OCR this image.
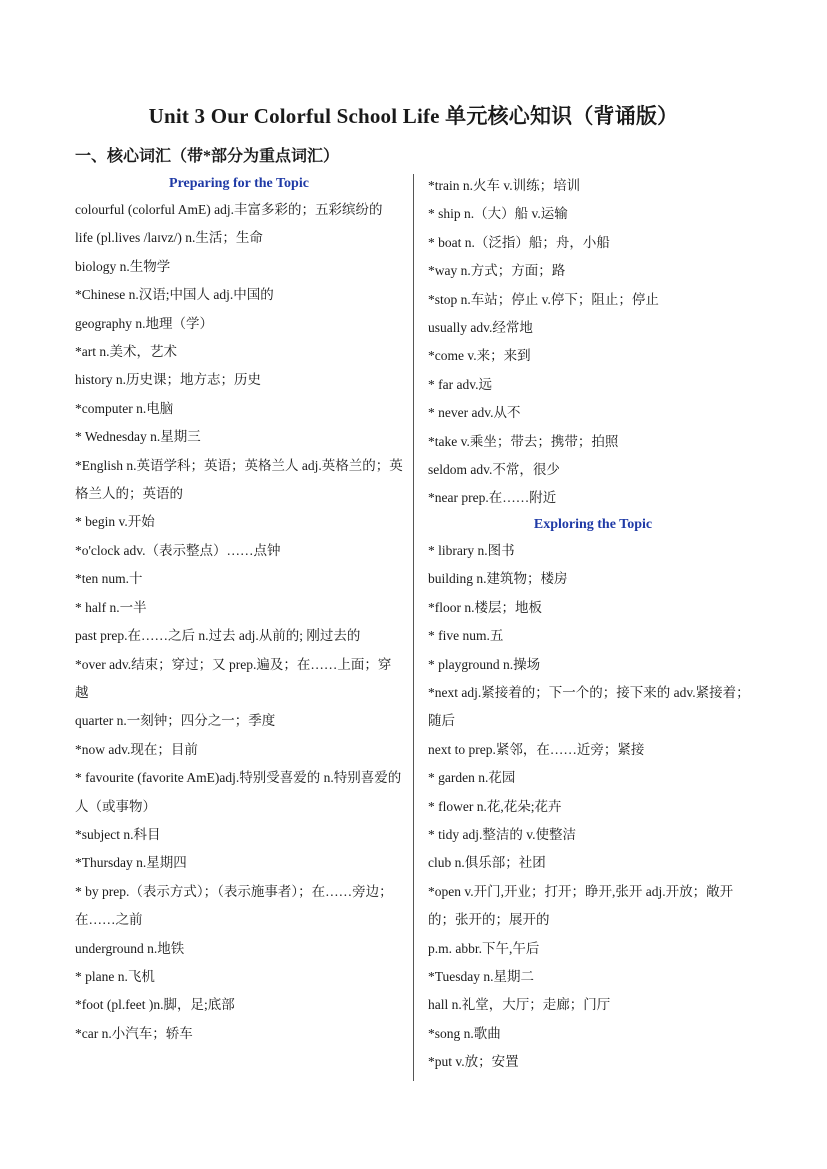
Unit 3 Our Colorful School Life 单元核心知识（背诵版）
一、核心词汇（带*部分为重点词汇）
Preparing for the Topic

colourful (colorful AmE) adj.丰富多彩的；五彩缤纷的

life (pl.lives /laɪvz/) n.生活；生命

biology n.生物学

*Chinese n.汉语;中国人 adj.中国的

geography n.地理（学）

*art n.美术，艺术

history n.历史课；地方志；历史

*computer n.电脑

* Wednesday n.星期三

*English n.英语学科；英语；英格兰人 adj.英格兰的；英格兰人的；英语的

* begin v.开始

*o'clock adv.（表示整点）……点钟

*ten num.十

* half n.一半

past prep.在……之后 n.过去 adj.从前的; 刚过去的

*over adv.结束；穿过；又 prep.遍及；在……上面；穿越

quarter n.一刻钟；四分之一；季度

*now adv.现在；目前

* favourite (favorite AmE)adj.特别受喜爱的 n.特别喜爱的人（或事物）

*subject n.科目

*Thursday n.星期四

* by prep.（表示方式）；（表示施事者）；在……旁边；在……之前

underground n.地铁

* plane n.飞机

*foot (pl.feet )n.脚，足;底部

*car n.小汽车；轿车

*train n.火车 v.训练；培训

* ship n.（大）船 v.运输

* boat n.（泛指）船；舟，小船

*way n.方式；方面；路

*stop n.车站；停止 v.停下；阻止；停止

usually adv.经常地

*come v.来；来到

* far adv.远

* never adv.从不

*take v.乘坐；带去；携带；拍照

seldom adv.不常，很少

*near prep.在……附近

Exploring the Topic

* library n.图书

building n.建筑物；楼房

*floor n.楼层；地板

* five num.五

* playground n.操场

*next adj.紧接着的；下一个的；接下来的 adv.紧接着；随后

next to prep.紧邻，在……近旁；紧接

* garden n.花园

* flower n.花,花朵;花卉

* tidy adj.整洁的 v.使整洁

club n.俱乐部；社团

*open v.开门,开业；打开；睁开,张开 adj.开放；敞开的；张开的；展开的

p.m. abbr.下午,午后

*Tuesday n.星期二

hall n.礼堂，大厅；走廊；门厅

*song n.歌曲

*put v.放；安置
